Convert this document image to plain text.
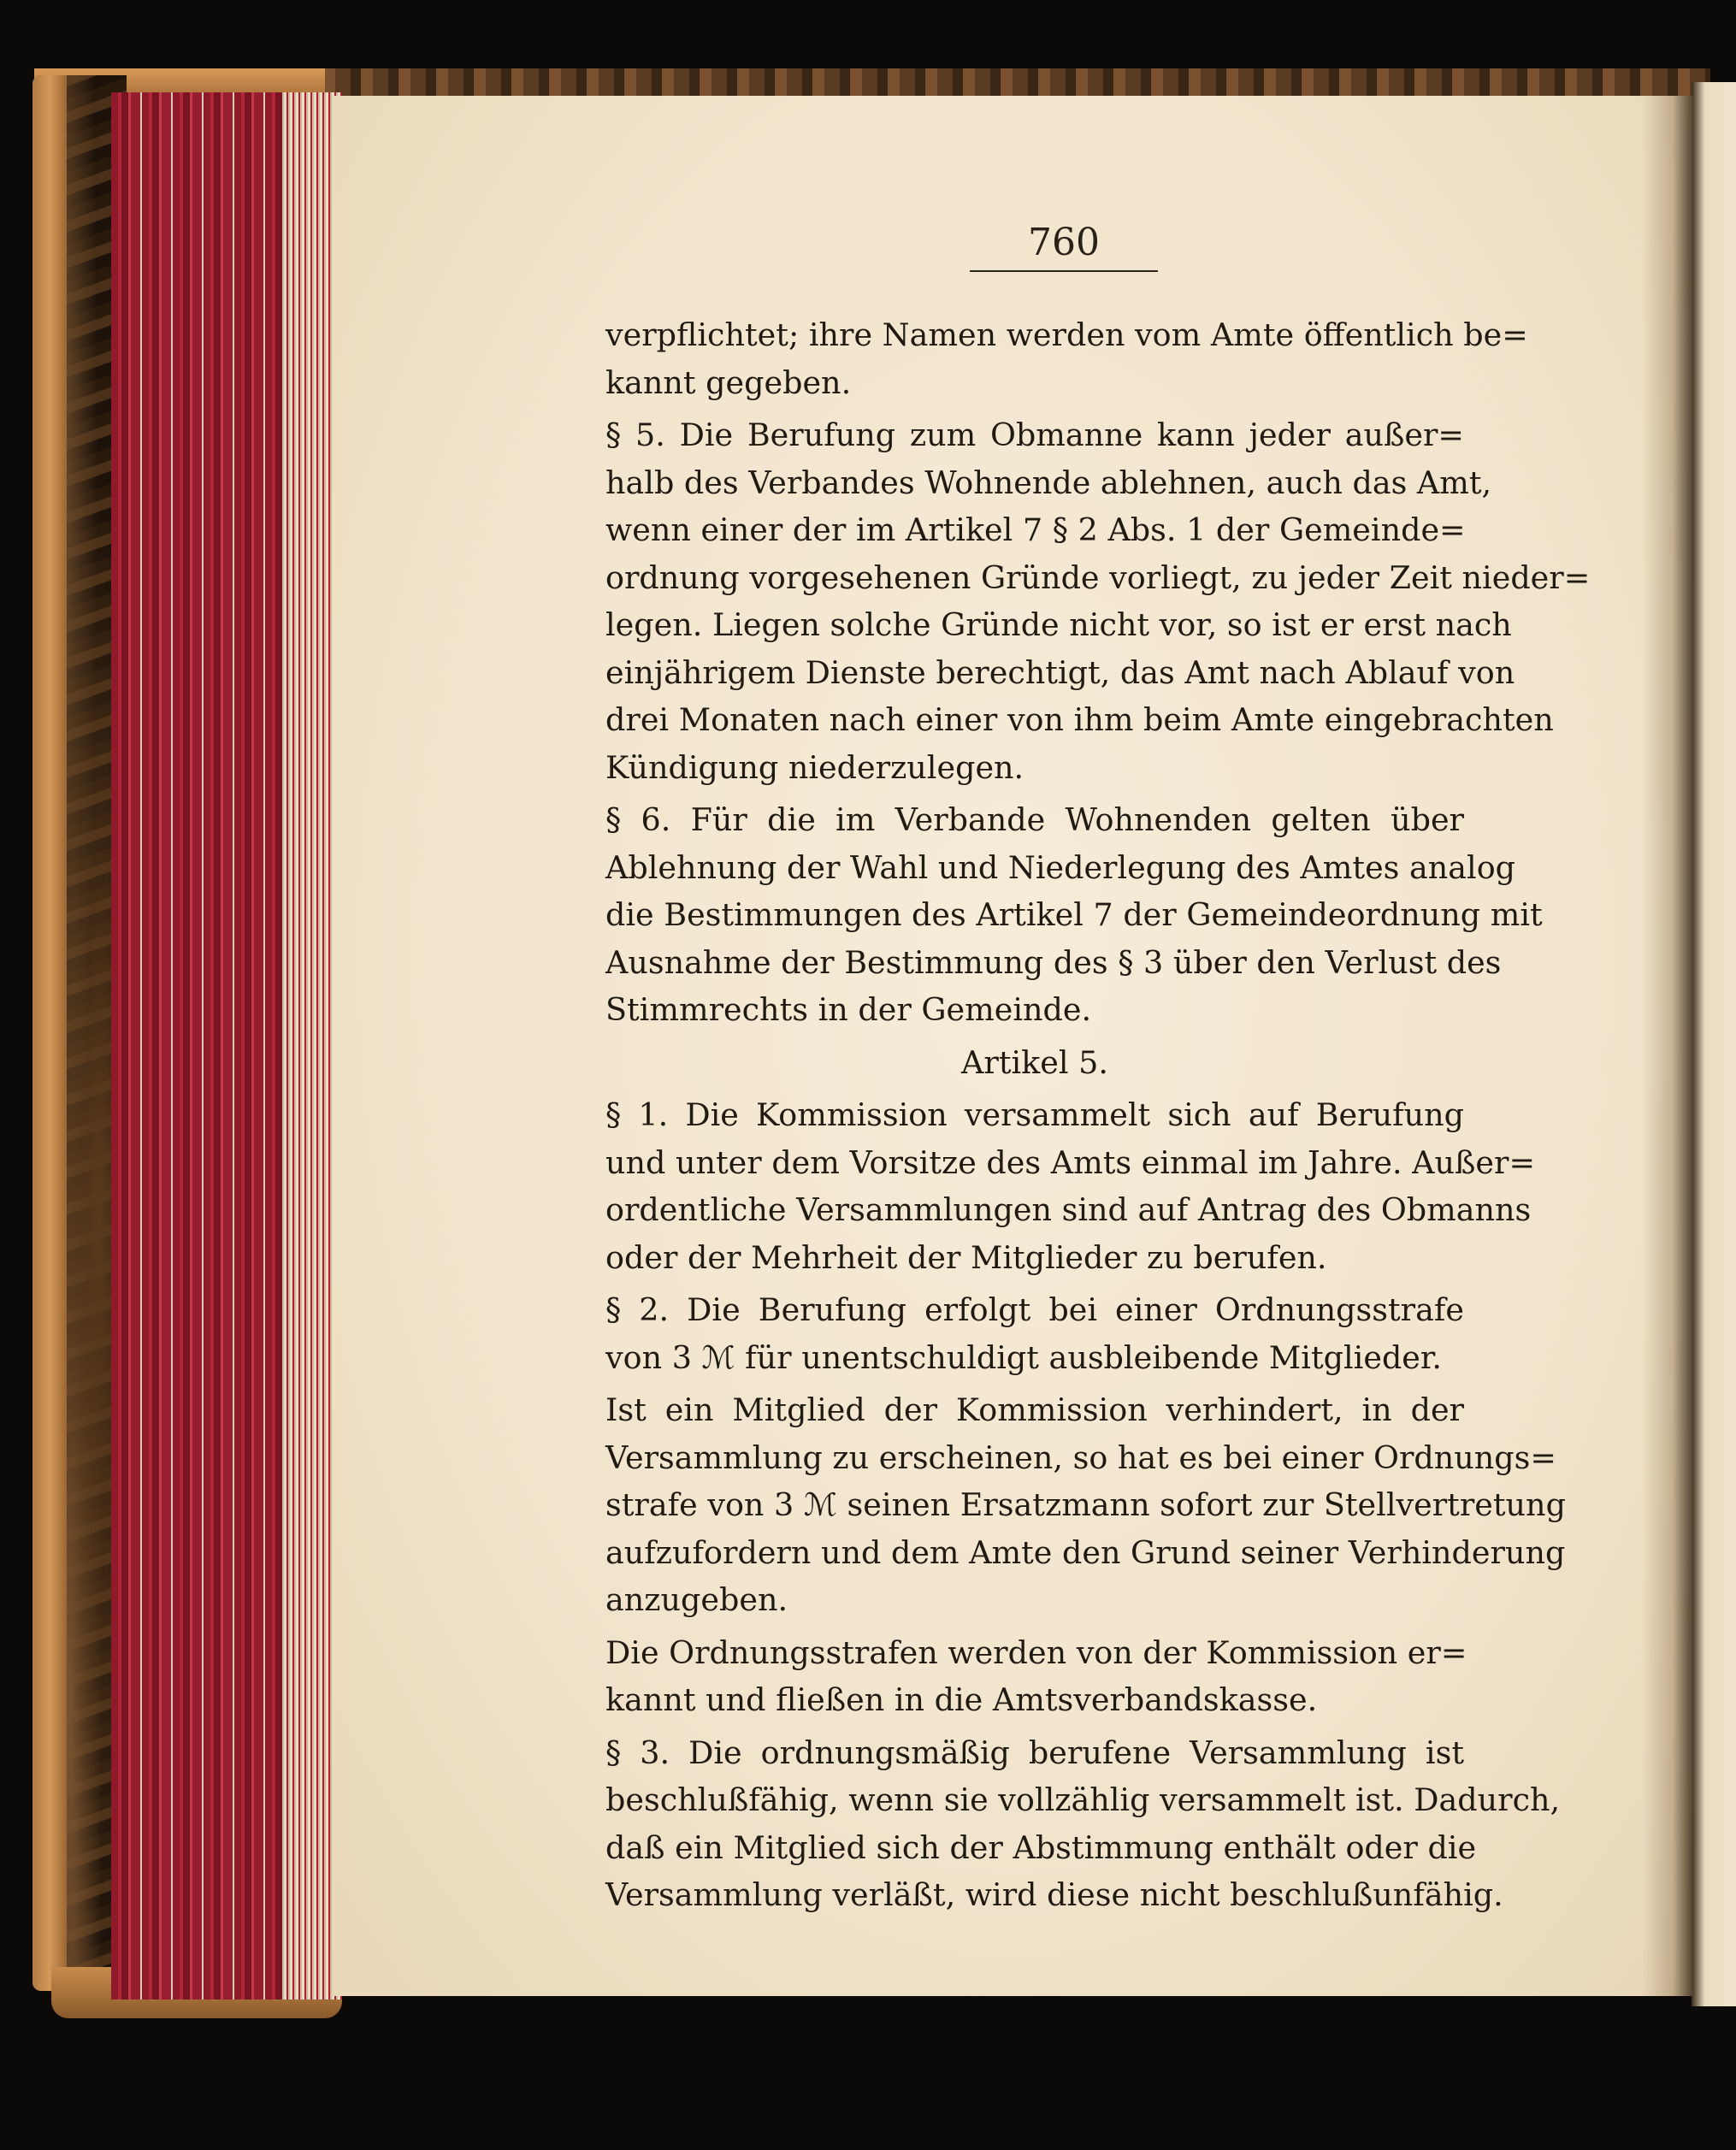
760
verpflichtet; ihre Namen werden vom Amte öffentlich be=
kannt gegeben.
§ 5. Die Berufung zum Obmanne kann jeder außer=
halb des Verbandes Wohnende ablehnen, auch das Amt,
wenn einer der im Artikel 7 § 2 Abs. 1 der Gemeinde=
ordnung vorgesehenen Gründe vorliegt, zu jeder Zeit nieder=
legen. Liegen solche Gründe nicht vor, so ist er erst nach
einjährigem Dienste berechtigt, das Amt nach Ablauf von
drei Monaten nach einer von ihm beim Amte eingebrachten
Kündigung niederzulegen.
§ 6. Für die im Verbande Wohnenden gelten über
Ablehnung der Wahl und Niederlegung des Amtes analog
die Bestimmungen des Artikel 7 der Gemeindeordnung mit
Ausnahme der Bestimmung des § 3 über den Verlust des
Stimmrechts in der Gemeinde.
Artikel 5.
§ 1. Die Kommission versammelt sich auf Berufung
und unter dem Vorsitze des Amts einmal im Jahre. Außer=
ordentliche Versammlungen sind auf Antrag des Obmanns
oder der Mehrheit der Mitglieder zu berufen.
§ 2. Die Berufung erfolgt bei einer Ordnungsstrafe
von 3 ℳ für unentschuldigt ausbleibende Mitglieder.
Ist ein Mitglied der Kommission verhindert, in der
Versammlung zu erscheinen, so hat es bei einer Ordnungs=
strafe von 3 ℳ seinen Ersatzmann sofort zur Stellvertretung
aufzufordern und dem Amte den Grund seiner Verhinderung
anzugeben.
Die Ordnungsstrafen werden von der Kommission er=
kannt und fließen in die Amtsverbandskasse.
§ 3. Die ordnungsmäßig berufene Versammlung ist
beschlußfähig, wenn sie vollzählig versammelt ist. Dadurch,
daß ein Mitglied sich der Abstimmung enthält oder die
Versammlung verläßt, wird diese nicht beschlußunfähig.
